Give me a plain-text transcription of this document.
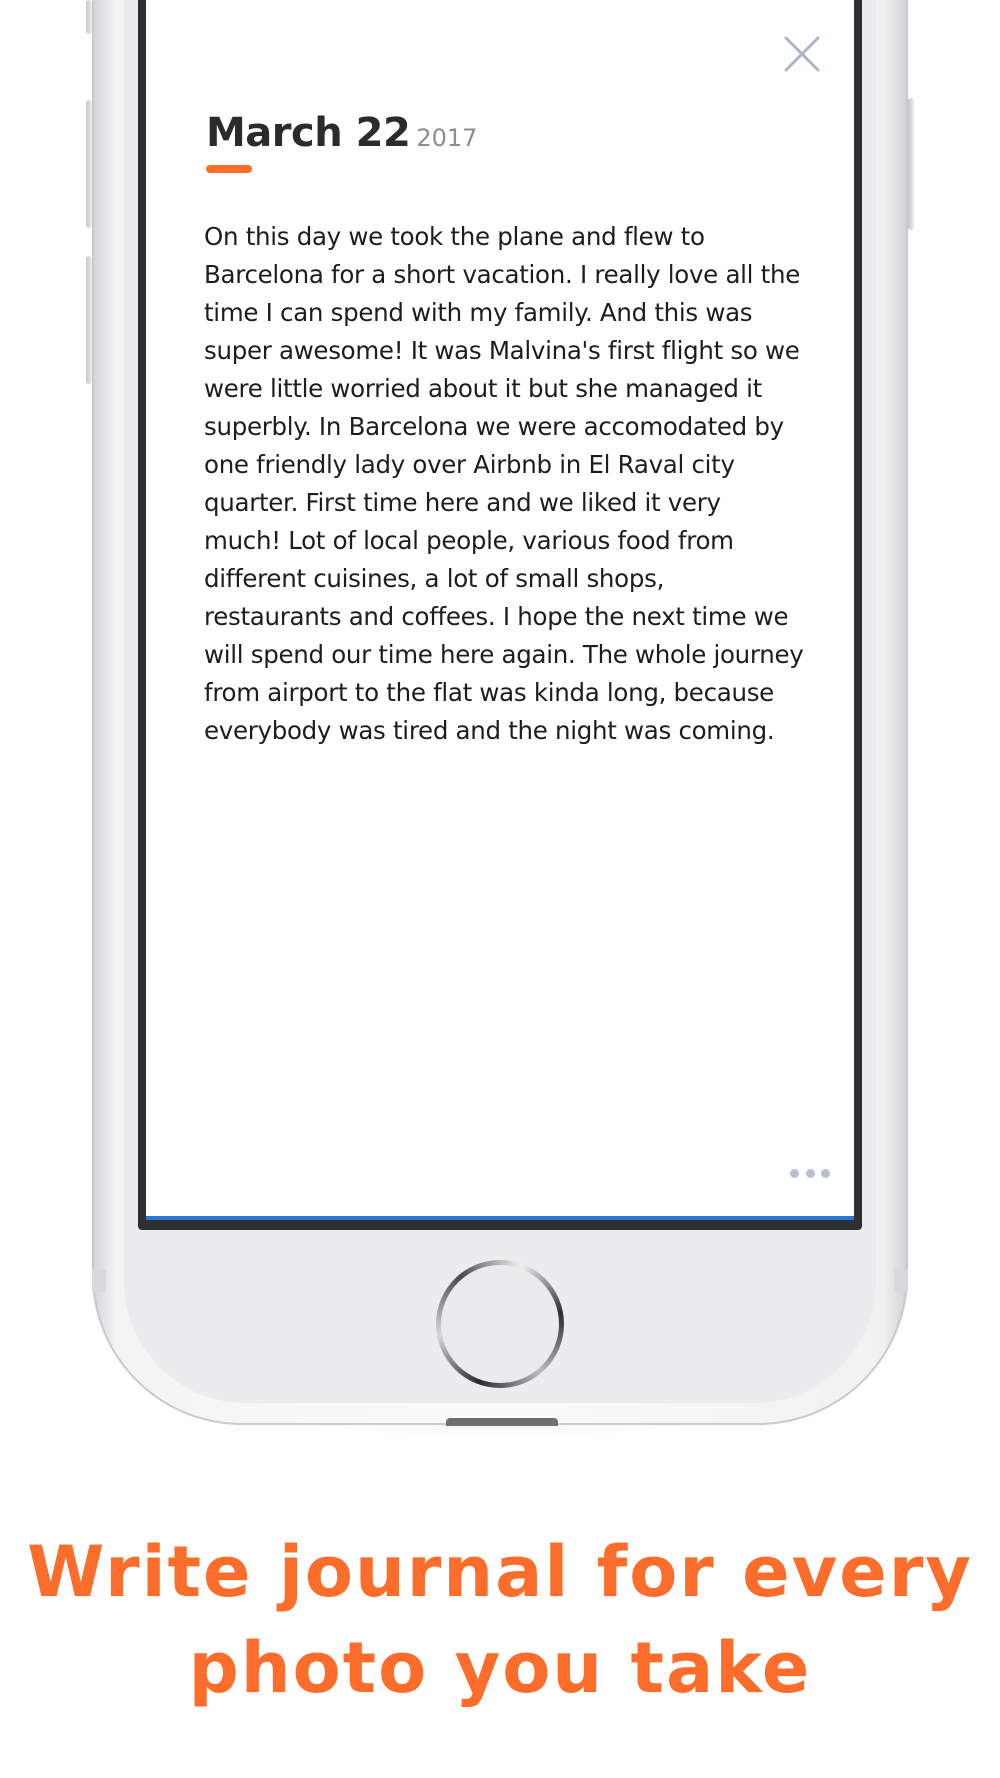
March 22 2017

On this day we took the plane and flew to Barcelona for a short vacation. I really love all the time I can spend with my family. And this was super awesome! It was Malvina's first flight so we were little worried about it but she managed it superbly. In Barcelona we were accomodated by one friendly lady over Airbnb in El Raval city quarter. First time here and we liked it very much! Lot of local people, various food from different cuisines, a lot of small shops, restaurants and coffees. I hope the next time we will spend our time here again. The whole journey from airport to the flat was kinda long, because everybody was tired and the night was coming.

Write journal for every
photo you take
